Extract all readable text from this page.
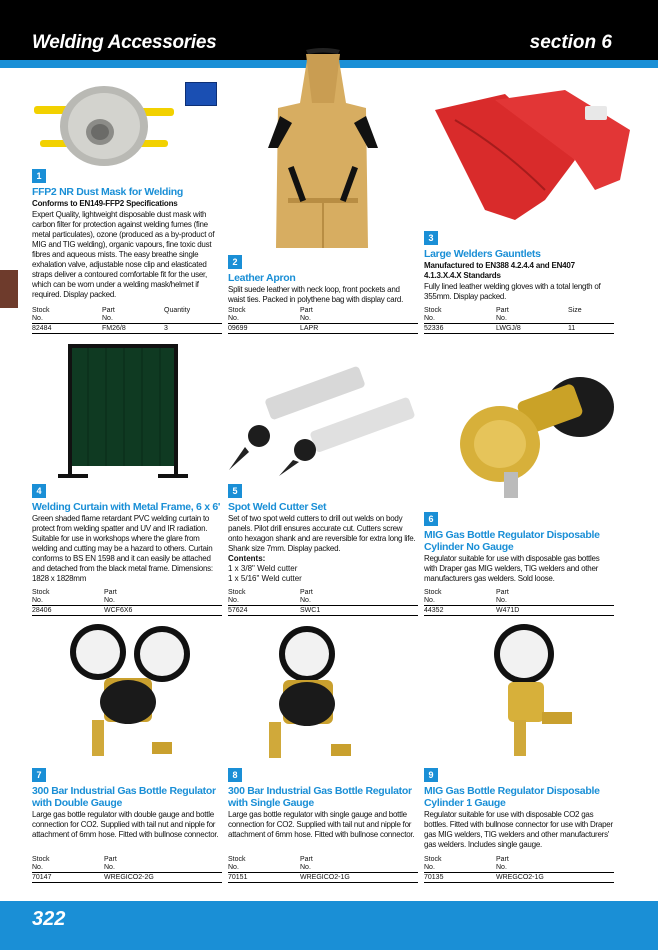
Welding Accessories	section 6
1
FFP2 NR Dust Mask for Welding
Conforms to EN149-FFP2 Specifications
Expert Quality, lightweight disposable dust mask with carbon filter for protection against welding fumes (fine metal particulates), ozone (produced as a by-product of MIG and TIG welding), organic vapours, fine toxic dust fibres and aqueous mists. The easy breathe single exhalation valve, adjustable nose clip and elasticated straps deliver a contoured comfortable fit for the user, which can be worn under a welding mask/helmet if required. Display packed.
Stock
No.	Part
No.	Quantity

82484	FM26/8	3
2
Leather Apron
Split suede leather with neck loop, front pockets and waist ties. Packed in polythene bag with display card.
Stock
No.	Part
No.
09699	LAPR
3
Large Welders Gauntlets
Manufactured to EN388 4.2.4.4 and EN407 4.1.3.X.4.X Standards
Fully lined leather welding gloves with a total length of 355mm. Display packed.
Stock
No.	Part
No.	Size

52336	LWGJ/8	11
4
Welding Curtain with Metal Frame, 6 x 6'
Green shaded flame retardant PVC welding curtain to protect from welding spatter and UV and IR radiation. Suitable for use in workshops where the glare from welding and cutting may be a hazard to others. Curtain conforms to BS EN 1598 and it can easily be attached and detached from the black metal frame. Dimensions: 1828 x 1828mm
Stock
No.	Part
No.
28406	WCF6X6
5
Spot Weld Cutter Set
Set of two spot weld cutters to drill out welds on body panels. Pilot drill ensures accurate cut. Cutters screw onto hexagon shank and are reversible for extra long life. Shank size 7mm. Display packed.
Contents:
1 x 3/8" Weld cutter
1 x 5/16" Weld cutter
Stock
No.	Part
No.
57624	SWC1
6
MIG Gas Bottle Regulator Disposable Cylinder No Gauge
Regulator suitable for use with disposable gas bottles with Draper gas MIG welders, TIG welders and other manufacturers gas welders. Sold loose.
Stock
No.	Part
No.
44352	W471D
7
300 Bar Industrial Gas Bottle Regulator with Double Gauge
Large gas bottle regulator with double gauge and bottle connection for CO2. Supplied with tail nut and nipple for attachment of 6mm hose. Fitted with bullnose connector.
Stock
No.	Part
No.
70147	WREGICO2-2G
8
300 Bar Industrial Gas Bottle Regulator with Single Gauge
Large gas bottle regulator with single gauge and bottle connection for CO2. Supplied with tail nut and nipple for attachment of 6mm hose. Fitted with bullnose connector.
Stock
No.	Part
No.
70151	WREGICO2-1G
9
MIG Gas Bottle Regulator Disposable Cylinder 1 Gauge
Regulator suitable for use with disposable CO2 gas bottles. Fitted with bullnose connector for use with Draper gas MIG welders, TIG welders and other manufacturers' gas welders. Includes single gauge.
Stock
No.	Part
No.
70135	WREGCO2-1G
322
